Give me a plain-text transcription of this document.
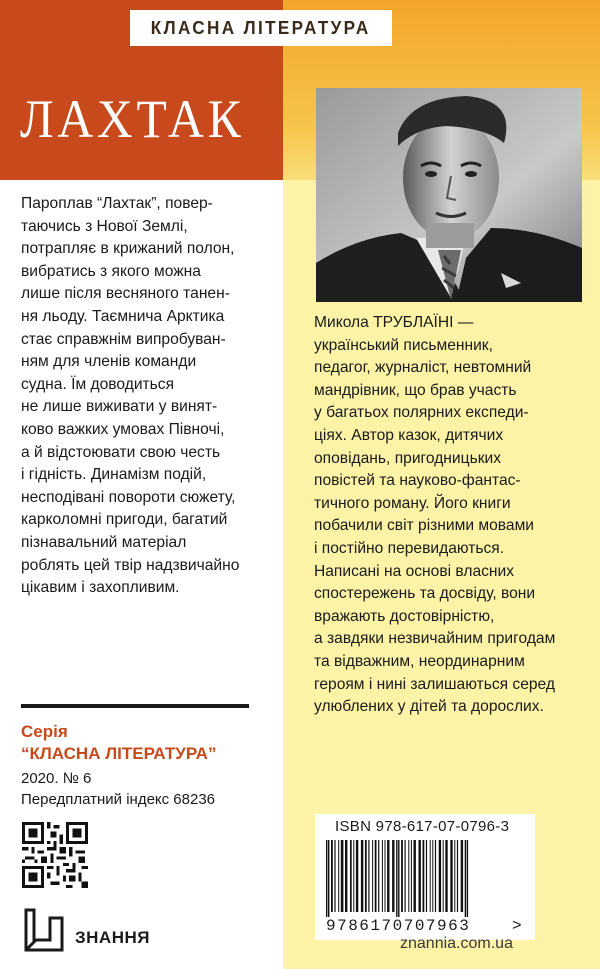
КЛАСНА ЛІТЕРАТУРА
ЛАХТАК
Пароплав “Лахтак”, повер-
таючись з Нової Землі,
потрапляє в крижаний полон,
вибратись з якого можна
лише після весняного танен-
ня льоду. Таємнича Арктика
стає справжнім випробуван-
ням для членів команди
судна. Їм доводиться
не лише виживати у винят-
ково важких умовах Півночі,
а й відстоювати свою честь
і гідність. Динамізм подій,
несподівані повороти сюжету,
карколомні пригоди, багатий
пізнавальний матеріал
роблять цей твір надзвичайно
цікавим і захопливим.
Микола ТРУБЛАЇНІ —
український письменник,
педагог, журналіст, невтомний
мандрівник, що брав участь
у багатьох полярних експеди-
ціях. Автор казок, дитячих
оповідань, пригодницьких
повістей та науково-фантас-
тичного роману. Його книги
побачили світ різними мовами
і постійно перевидаються.
Написані на основі власних
спостережень та досвіду, вони
вражають достовірністю,
а завдяки незвичайним пригодам
та відважним, неординарним
героям і нині залишаються серед
улюблених у дітей та дорослих.
Серія
“КЛАСНА ЛІТЕРАТУРА”
2020. № 6
Передплатний індекс 68236
ЗНАННЯ
ISBN 978-617-07-0796-3
9786170707963	>
znannia.com.ua
